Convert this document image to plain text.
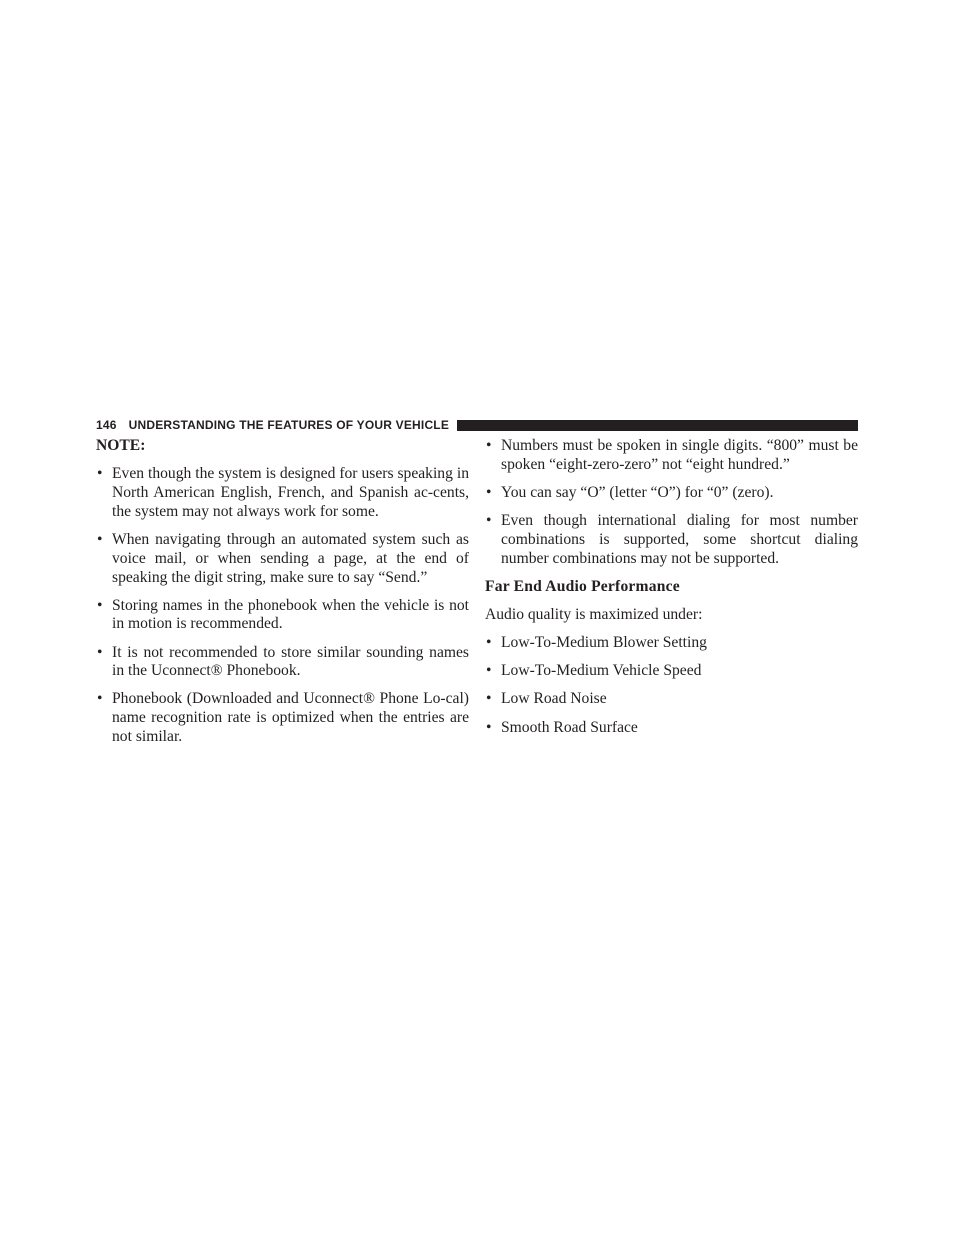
146 UNDERSTANDING THE FEATURES OF YOUR VEHICLE
NOTE:
• Even though the system is designed for users speaking in North American English, French, and Spanish ac-cents, the system may not always work for some.
• When navigating through an automated system such as voice mail, or when sending a page, at the end of speaking the digit string, make sure to say “Send.”
• Storing names in the phonebook when the vehicle is not in motion is recommended.
• It is not recommended to store similar sounding names in the Uconnect® Phonebook.
• Phonebook (Downloaded and Uconnect® Phone Lo-cal) name recognition rate is optimized when the entries are not similar.
• Numbers must be spoken in single digits. “800” must be spoken “eight-zero-zero” not “eight hundred.”
• You can say “O” (letter “O”) for “0” (zero).
• Even though international dialing for most number combinations is supported, some shortcut dialing number combinations may not be supported.
Far End Audio Performance
Audio quality is maximized under:
• Low-To-Medium Blower Setting
• Low-To-Medium Vehicle Speed
• Low Road Noise
• Smooth Road Surface
